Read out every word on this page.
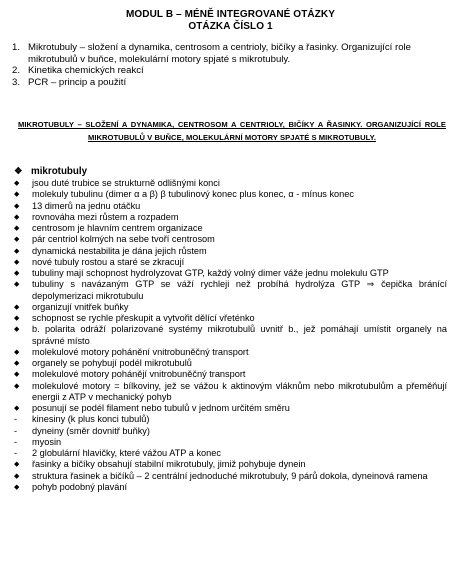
MODUL B – MÉNĚ INTEGROVANÉ OTÁZKY
OTÁZKA ČÍSLO 1
1. Mikrotubuly – složení a dynamika, centrosom a centrioly, bičíky a řasinky. Organizující role mikrotubulů v buňce, molekulární motory spjaté s mikrotubuly.
2. Kinetika chemických reakcí
3. PCR – princip a použití
MIKROTUBULY – SLOŽENÍ A DYNAMIKA, CENTROSOM A CENTRIOLY, BIČÍKY A ŘASINKY. ORGANIZUJÍCÍ ROLE MIKROTUBULŮ V BUŇCE, MOLEKULÁRNÍ MOTORY SPJATÉ S MIKROTUBULY.
❖ mikrotubuly
◆	jsou duté trubice se strukturně odlišnými konci
◆	molekuly tubulinu (dimer α a β) β tubulinový konec plus konec, α - mínus konec
◆	13 dimerů na jednu otáčku
◆	rovnováha mezi růstem a rozpadem
◆	centrosom je hlavním centrem organizace
◆	pár centriol kolmých na sebe tvoří centrosom
◆	dynamická nestabilita je dána jejich růstem
◆	nové tubuly rostou a staré se zkracují
◆	tubuliny mají schopnost hydrolyzovat GTP, každý volný dimer váže jednu molekulu GTP
◆	tubuliny s navázaným GTP se váží rychleji než probíhá hydrolýza GTP ⇒ čepička bránící depolymerizaci mikrotubulu
◆	organizují vnitřek buňky
◆	schopnost se rychle přeskupit a vytvořit dělící vřeténko
◆	b. polarita odráží polarizované systémy mikrotubulů uvnitř b., jež pomáhají umístit organely na správné místo
◆	molekulové motory pohánění vnitrobuněčný transport
◆	organely se pohybují podél mikrotubulů
◆	molekulové motory pohánějí vnitrobuněčný transport
◆	molekulové motory = bílkoviny, jež se vážou k aktinovým vláknům nebo mikrotubulům a přeměňují energii z ATP v mechanický pohyb
◆	posunují se podél filament nebo tubulů v jednom určitém směru
-	kinesiny (k plus konci tubulů)
-	dyneiny (směr dovnitř buňky)
-	myosin
-	2 globulární hlavičky, které vážou ATP a konec
◆	řasinky a bičíky obsahují stabilní mikrotubuly, jimiž pohybuje dynein
◆	struktura řasinek a bičíků – 2 centrální jednoduché mikrotubuly, 9 párů dokola, dyneinová ramena
◆	pohyb podobný plavání
